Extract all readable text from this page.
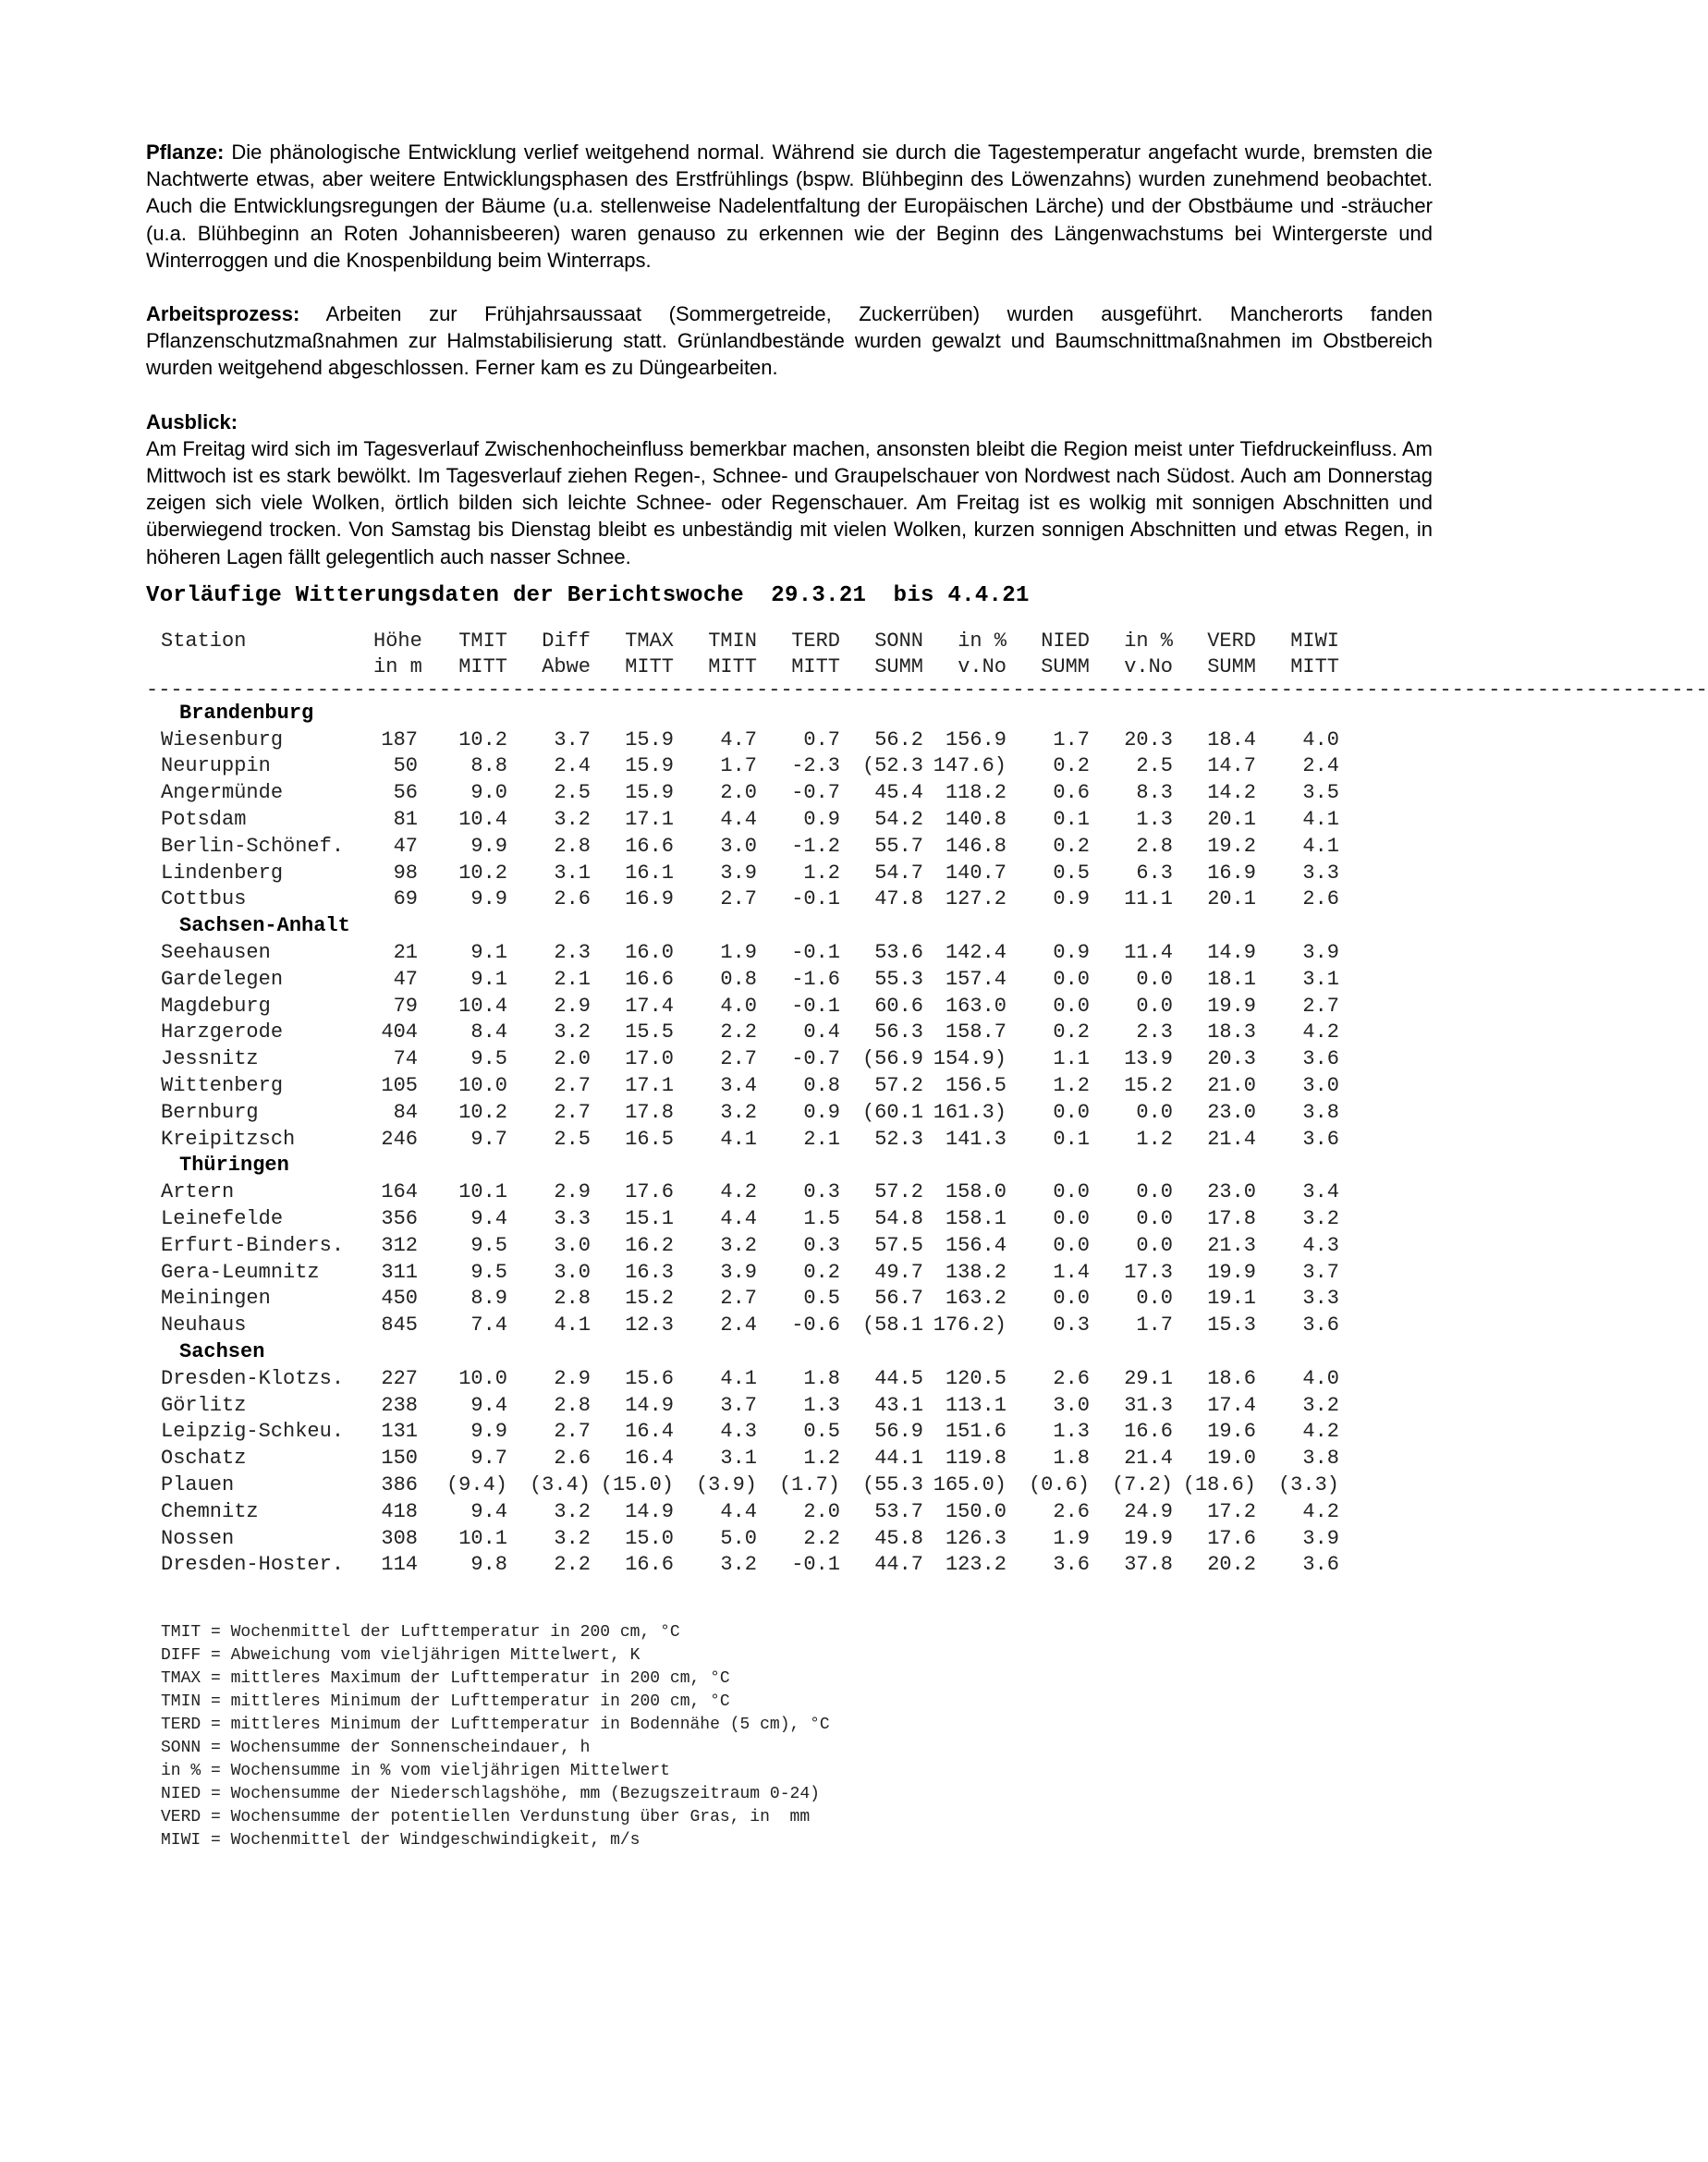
Pflanze: Die phänologische Entwicklung verlief weitgehend normal. Während sie durch die Tagestemperatur angefacht wurde, bremsten die Nachtwerte etwas, aber weitere Entwicklungsphasen des Erstfrühlings (bspw. Blühbeginn des Löwenzahns) wurden zunehmend beobachtet. Auch die Entwicklungsregungen der Bäume (u.a. stellenweise Nadelentfaltung der Europäischen Lärche) und der Obstbäume und -sträucher (u.a. Blühbeginn an Roten Johannisbeeren) waren genauso zu erkennen wie der Beginn des Längenwachstums bei Wintergerste und Winterroggen und die Knospenbildung beim Winterraps.

Arbeitsprozess: Arbeiten zur Frühjahrsaussaat (Sommergetreide, Zuckerrüben) wurden ausgeführt. Mancherorts fanden Pflanzenschutzmaßnahmen zur Halmstabilisierung statt. Grünlandbestände wurden gewalzt und Baumschnittmaßnahmen im Obstbereich wurden weitgehend abgeschlossen. Ferner kam es zu Düngearbeiten.

Ausblick:
Am Freitag wird sich im Tagesverlauf Zwischenhocheinfluss bemerkbar machen, ansonsten bleibt die Region meist unter Tiefdruckeinfluss. Am Mittwoch ist es stark bewölkt. Im Tagesverlauf ziehen Regen-, Schnee- und Graupelschauer von Nordwest nach Südost. Auch am Donnerstag zeigen sich viele Wolken, örtlich bilden sich leichte Schnee- oder Regenschauer. Am Freitag ist es wolkig mit sonnigen Abschnitten und überwiegend trocken. Von Samstag bis Dienstag bleibt es unbeständig mit vielen Wolken, kurzen sonnigen Abschnitten und etwas Regen, in höheren Lagen fällt gelegentlich auch nasser Schnee.

Vorläufige Witterungsdaten der Berichtswoche  29.3.21  bis 4.4.21
Station	Höhe	TMIT	Diff	TMAX	TMIN	TERD	SONN	in %	NIED	in %	VERD	MIWI
in m	MITT	Abwe	MITT	MITT	MITT	SUMM	v.No	SUMM	v.No	SUMM	MITT
--------------------------------------------------------------------------------------------------------------------------------
Brandenburg
Wiesenburg	187	10.2	3.7	15.9	4.7	0.7	56.2	156.9	1.7	20.3	18.4	4.0
Neuruppin	50	8.8	2.4	15.9	1.7	-2.3	(52.3 147.6)	0.2	2.5	14.7	2.4
Angermünde	56	9.0	2.5	15.9	2.0	-0.7	45.4	118.2	0.6	8.3	14.2	3.5
Potsdam	81	10.4	3.2	17.1	4.4	0.9	54.2	140.8	0.1	1.3	20.1	4.1
Berlin-Schönef.	47	9.9	2.8	16.6	3.0	-1.2	55.7	146.8	0.2	2.8	19.2	4.1
Lindenberg	98	10.2	3.1	16.1	3.9	1.2	54.7	140.7	0.5	6.3	16.9	3.3
Cottbus	69	9.9	2.6	16.9	2.7	-0.1	47.8	127.2	0.9	11.1	20.1	2.6
Sachsen-Anhalt
Seehausen	21	9.1	2.3	16.0	1.9	-0.1	53.6	142.4	0.9	11.4	14.9	3.9
Gardelegen	47	9.1	2.1	16.6	0.8	-1.6	55.3	157.4	0.0	0.0	18.1	3.1
Magdeburg	79	10.4	2.9	17.4	4.0	-0.1	60.6	163.0	0.0	0.0	19.9	2.7
Harzgerode	404	8.4	3.2	15.5	2.2	0.4	56.3	158.7	0.2	2.3	18.3	4.2
Jessnitz	74	9.5	2.0	17.0	2.7	-0.7	(56.9 154.9)	1.1	13.9	20.3	3.6
Wittenberg	105	10.0	2.7	17.1	3.4	0.8	57.2	156.5	1.2	15.2	21.0	3.0
Bernburg	84	10.2	2.7	17.8	3.2	0.9	(60.1 161.3)	0.0	0.0	23.0	3.8
Kreipitzsch	246	9.7	2.5	16.5	4.1	2.1	52.3	141.3	0.1	1.2	21.4	3.6
Thüringen
Artern	164	10.1	2.9	17.6	4.2	0.3	57.2	158.0	0.0	0.0	23.0	3.4
Leinefelde	356	9.4	3.3	15.1	4.4	1.5	54.8	158.1	0.0	0.0	17.8	3.2
Erfurt-Binders.	312	9.5	3.0	16.2	3.2	0.3	57.5	156.4	0.0	0.0	21.3	4.3
Gera-Leumnitz	311	9.5	3.0	16.3	3.9	0.2	49.7	138.2	1.4	17.3	19.9	3.7
Meiningen	450	8.9	2.8	15.2	2.7	0.5	56.7	163.2	0.0	0.0	19.1	3.3
Neuhaus	845	7.4	4.1	12.3	2.4	-0.6	(58.1 176.2)	0.3	1.7	15.3	3.6
Sachsen
Dresden-Klotzs.	227	10.0	2.9	15.6	4.1	1.8	44.5	120.5	2.6	29.1	18.6	4.0
Görlitz	238	9.4	2.8	14.9	3.7	1.3	43.1	113.1	3.0	31.3	17.4	3.2
Leipzig-Schkeu.	131	9.9	2.7	16.4	4.3	0.5	56.9	151.6	1.3	16.6	19.6	4.2
Oschatz	150	9.7	2.6	16.4	3.1	1.2	44.1	119.8	1.8	21.4	19.0	3.8
Plauen	386	(9.4)	(3.4) (15.0)	(3.9)	(1.7)	(55.3 165.0)	(0.6)	(7.2) (18.6)	(3.3)
Chemnitz	418	9.4	3.2	14.9	4.4	2.0	53.7	150.0	2.6	24.9	17.2	4.2
Nossen	308	10.1	3.2	15.0	5.0	2.2	45.8	126.3	1.9	19.9	17.6	3.9
Dresden-Hoster.	114	9.8	2.2	16.6	3.2	-0.1	44.7	123.2	3.6	37.8	20.2	3.6
TMIT = Wochenmittel der Lufttemperatur in 200 cm, °C
DIFF = Abweichung vom vieljährigen Mittelwert, K
TMAX = mittleres Maximum der Lufttemperatur in 200 cm, °C
TMIN = mittleres Minimum der Lufttemperatur in 200 cm, °C
TERD = mittleres Minimum der Lufttemperatur in Bodennähe (5 cm), °C
SONN = Wochensumme der Sonnenscheindauer, h
in % = Wochensumme in % vom vieljährigen Mittelwert
NIED = Wochensumme der Niederschlagshöhe, mm (Bezugszeitraum 0-24)
VERD = Wochensumme der potentiellen Verdunstung über Gras, in  mm
MIWI = Wochenmittel der Windgeschwindigkeit, m/s
